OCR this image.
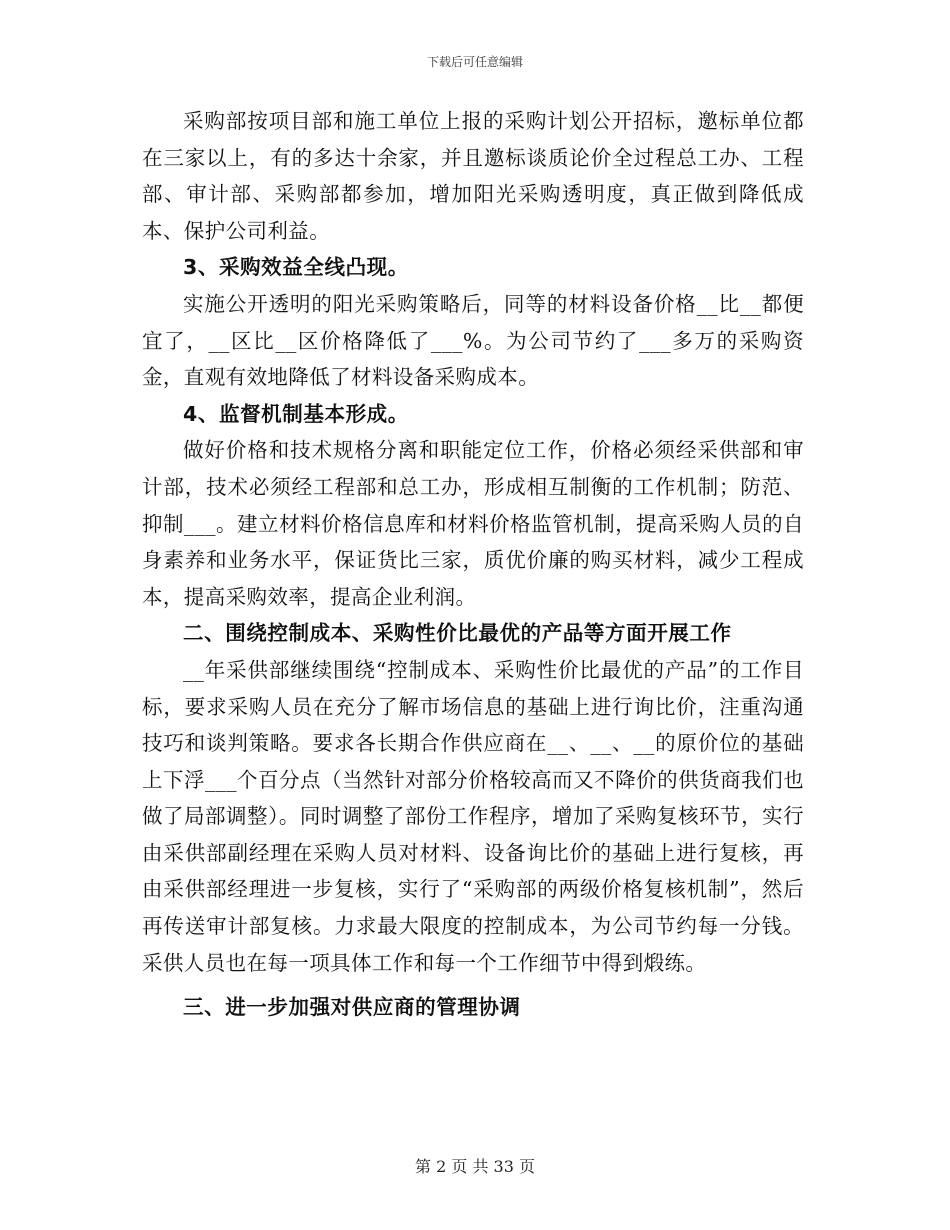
下载后可任意编辑

采购部按项目部和施工单位上报的采购计划公开招标，邀标单位都在三家以上，有的多达十余家，并且邀标谈质论价全过程总工办、工程部、审计部、采购部都参加，增加阳光采购透明度，真正做到降低成本、保护公司利益。

3、采购效益全线凸现。

实施公开透明的阳光采购策略后，同等的材料设备价格__比__都便宜了，__区比__区价格降低了___%。为公司节约了___多万的采购资金，直观有效地降低了材料设备采购成本。

4、监督机制基本形成。

做好价格和技术规格分离和职能定位工作，价格必须经采供部和审计部，技术必须经工程部和总工办，形成相互制衡的工作机制；防范、抑制___。建立材料价格信息库和材料价格监管机制，提高采购人员的自身素养和业务水平，保证货比三家，质优价廉的购买材料，减少工程成本，提高采购效率，提高企业利润。

二、围绕控制成本、采购性价比最优的产品等方面开展工作

__年采供部继续围绕“控制成本、采购性价比最优的产品”的工作目标，要求采购人员在充分了解市场信息的基础上进行询比价，注重沟通技巧和谈判策略。要求各长期合作供应商在__、__、__的原价位的基础上下浮___个百分点（当然针对部分价格较高而又不降价的供货商我们也做了局部调整）。同时调整了部份工作程序，增加了采购复核环节，实行由采供部副经理在采购人员对材料、设备询比价的基础上进行复核，再由采供部经理进一步复核，实行了“采购部的两级价格复核机制”，然后再传送审计部复核。力求最大限度的控制成本，为公司节约每一分钱。采供人员也在每一项具体工作和每一个工作细节中得到煅练。

三、进一步加强对供应商的管理协调

第 2 页 共 33 页
